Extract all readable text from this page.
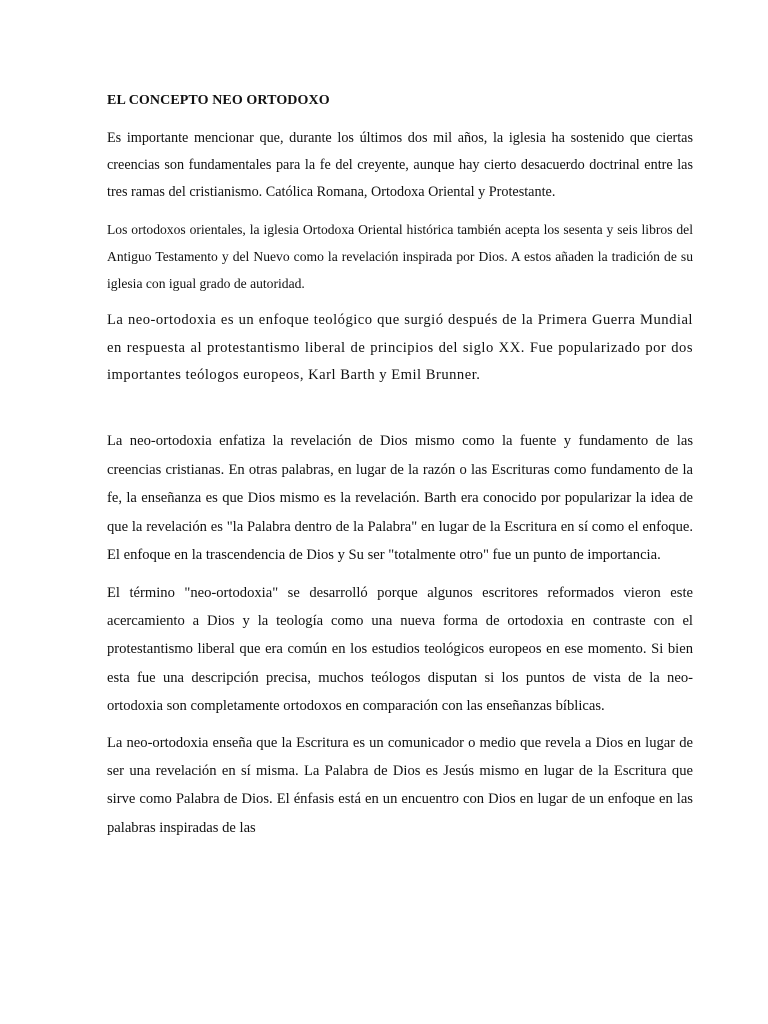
EL CONCEPTO NEO ORTODOXO

Es importante mencionar que, durante los últimos dos mil años, la iglesia ha sostenido que ciertas creencias son fundamentales para la fe del creyente, aunque hay cierto desacuerdo doctrinal entre las tres ramas del cristianismo. Católica Romana, Ortodoxa Oriental y Protestante.

Los ortodoxos orientales, la iglesia Ortodoxa Oriental histórica también acepta los sesenta y seis libros del Antiguo Testamento y del Nuevo como la revelación inspirada por Dios. A estos añaden la tradición de su iglesia con igual grado de autoridad.

La neo-ortodoxia es un enfoque teológico que surgió después de la Primera Guerra Mundial en respuesta al protestantismo liberal de principios del siglo XX. Fue popularizado por dos importantes teólogos europeos, Karl Barth y Emil Brunner.

La neo-ortodoxia enfatiza la revelación de Dios mismo como la fuente y fundamento de las creencias cristianas. En otras palabras, en lugar de la razón o las Escrituras como fundamento de la fe, la enseñanza es que Dios mismo es la revelación. Barth era conocido por popularizar la idea de que la revelación es "la Palabra dentro de la Palabra" en lugar de la Escritura en sí como el enfoque. El enfoque en la trascendencia de Dios y Su ser "totalmente otro" fue un punto de importancia.

El término "neo-ortodoxia" se desarrolló porque algunos escritores reformados vieron este acercamiento a Dios y la teología como una nueva forma de ortodoxia en contraste con el protestantismo liberal que era común en los estudios teológicos europeos en ese momento. Si bien esta fue una descripción precisa, muchos teólogos disputan si los puntos de vista de la neo-ortodoxia son completamente ortodoxos en comparación con las enseñanzas bíblicas.

La neo-ortodoxia enseña que la Escritura es un comunicador o medio que revela a Dios en lugar de ser una revelación en sí misma. La Palabra de Dios es Jesús mismo en lugar de la Escritura que sirve como Palabra de Dios. El énfasis está en un encuentro con Dios en lugar de un enfoque en las palabras inspiradas de las
